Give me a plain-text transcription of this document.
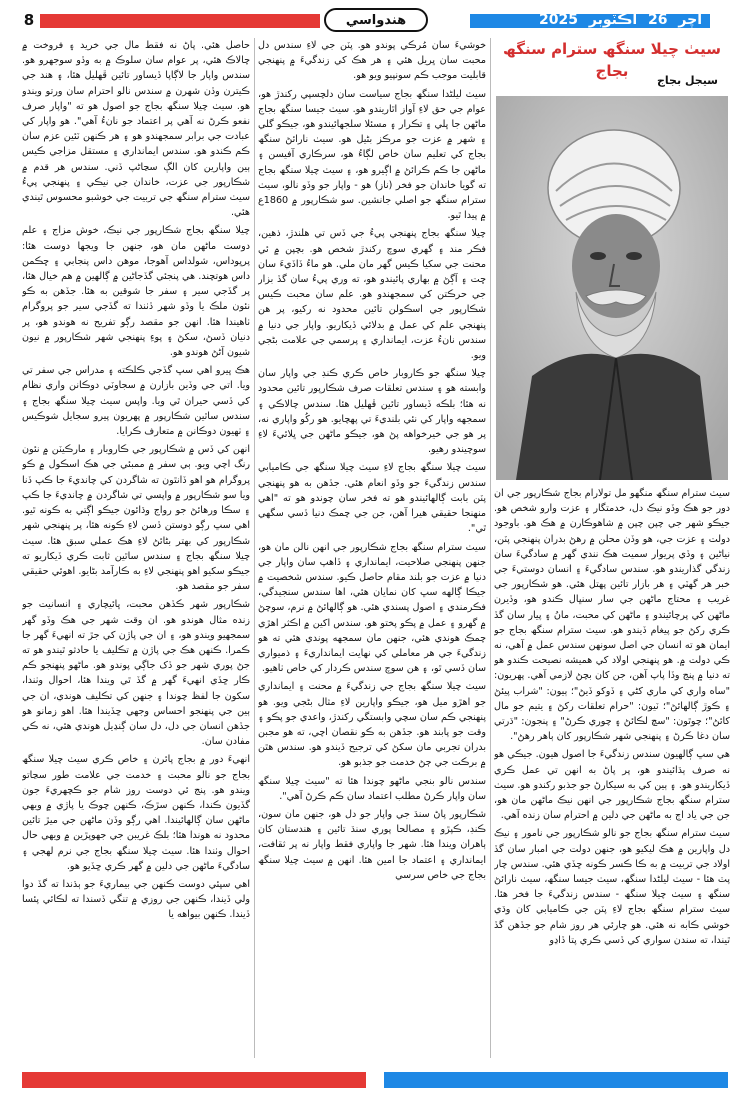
8	هندواسي	آچر 26 آڪٽوبر 2025
سيٺ چيلا سنگھ سترام سنگھ بجاج
سيجل بجاج

سيٺ سترام سنگھ منگھو مل تولارام بجاج شڪارپور جي ان دور جو هڪ وڏو نيڪ دل، خدمتگار ۽ عزت وارو شخص هو. جيڪو شهر جي چپن چپن ۾ شاهوڪارن ۾ هڪ هو. باوجود دولت ۽ عزت جي، هو وڏن محلن ۾ رهڻ بدران پنهنجي پٽن، نياڻين ۽ وڏي پريوار سميت هڪ نندي گهر ۾ سادگيءَ سان زندگي گذاريندو هو. سندس سادگيءَ ۽ انسان دوستيءَ جي خبر هر گهٽي ۽ هر بازار تائين پهتل هئي. هو شڪارپور جي غريب ۽ محتاج ماڻهن جي سار سنڀال ڪندو هو، وڏيرن ماڻهن کي پرچائيندو ۽ ماڻهن کي محبت، مانُ ۽ پيار سان گڏ ڪري رکڻ جو پيغام ڏيندو هو. سيٺ سترام سنگھ بجاج جو ايمان هو ته انسان جي اصل سونهن سندس عمل ۾ آهي، نه ڪي دولت ۾. هو پنهنجي اولاد کي هميشه نصيحت ڪندو هو ته دنيا ۾ پنج وڏا پاپ آهن، جن کان بچڻ لازمي آهي. پهريون: "ساه واري کي ماري کڻي ۽ ڏوکو ڏيڻ"؛ ٻيون: "شراب پيئڻ ۽ ڪوڙ ڳالهائڻ"؛ ٽيون: "حرام تعلقات رکڻ ۽ يتيم جو مال کائڻ"؛ چوٿون: "سچ لڪائڻ ۽ چوري ڪرڻ" ۽ پنجون: "ڌرتي سان دغا ڪرڻ ۽ پنهنجي شهر شڪارپور کان ٻاهر رهڻ".

هي سڀ ڳالهيون سندس زندگيءَ جا اصول هيون. جيڪي هو نه صرف ٻڌائيندو هو، پر پاڻ به انهن تي عمل ڪري ڏيکاريندو هو. ۽ ٻين کي به سيکارڻ جو جذبو رکندو هو. سيٺ سترام سنگھ بجاج شڪارپور جي انهن نيڪ ماڻهن مان هو، جن جي ياد اڄ به ماڻهن جي دلين ۾ احترام سان زنده آهي.

سيٺ سترام سنگھ بجاج جو نالو شڪارپور جي نامور ۽ نيڪ دل واپارين ۾ هڪ ليکيو هو، جنهن دولت جي امبار سان گڏ اولاد جي تربيت ۾ به ڪا ڪسر ڪونه ڇڏي هئي. سندس چار پٽ هئا - سيٺ ليلڻدا سنگھ، سيٺ جيسا سنگھ، سيٺ نارائڻ سنگھ ۽ سيٺ چيلا سنگھ - سندس زندگيءَ جا فخر هئا. سيٺ سترام سنگھ بجاج لاءِ پٽن جي ڪاميابي کان وڌي خوشي ڪابه نه هئي. هو چارئي هر روز شام جو جڏهن گڏ ٿيندا، ته سندن سواري کي ڏسي ڪري پتا ڏاڍو

خوشيءَ سان مُرڪي پوندو هو. پٽن جي لاءِ سندس دل محبت سان ڀريل هئي ۽ هر هڪ کي زندگيءَ ۾ پنهنجي قابليت موجب ڪم سونپيو ويو هو.

سيٺ ليلڻدا سنگھ بجاج سياست سان دلچسپي رکندڙ هو، عوام جي حق لاءِ آواز اٿاريندو هو. سيٺ جيسا سنگھ بجاج ماڻهن جا ڀلي ۽ تڪرار ۽ مسئلا سلجهائيندو هو، جيڪو گلي ۽ شهر ۾ عزت جو مرڪز بڻيل هو. سيٺ نارائڻ سنگھ بجاج کي تعليم سان خاص لڳاءُ هو، سرڪاري آفيسن ۽ ماڻهن جا ڪم ڪرائڻ ۾ اڳيرو هو، ۽ سيٺ چيلا سنگھ بجاج ته گويا خاندان جو فخر (ناز) هو - واپار جو وڏو نالو، سيٺ سترام سنگھ جو اصلي جانشين. سو شڪارپور ۾ 1860ع ۾ پيدا ٿيو.

چيلا سنگھ بجاج پنهنجي پيءُ جي ڏس تي هلندڙ، ذهين، فڪر مند ۽ گهري سوچ رکندڙ شخص هو. بچپن ۾ ئي محنت جي سکيا ڪيس گهر مان ملي. هو ماءُ ڏاڏيءَ سان ڇت ۽ آڳڻ ۾ بهاري پائيندو هو، ته وري پيءُ سان گڏ بزار جي حرڪتن کي سمجهندو هو. علم سان محبت ڪيس شڪارپور جي اسڪولن تائين محدود نه رکيو، پر هن پنهنجي علم کي عمل ۾ بدلائي ڏيکاريو. واپار جي دنيا ۾ سندس نانءُ عزت، ايمانداري ۽ پرسمي جي علامت بڻجي ويو.

چيلا سنگھ جو ڪاروبار خاص ڪري ڪنڊ جي واپار سان وابسته هو ۽ سندس تعلقات صرف شڪارپور تائين محدود نه هئا؛ بلڪه ڏيساور تائين ڦهليل هئا. سندس چالاڪي ۽ سمجهه واپار کي نئي بلنديءَ تي پهچايو. هو رکُو واپاري نه، پر هو جي خيرخواهه پڻ هو، جيڪو ماڻهن جي ڀلائيءَ لاءِ سوچيندو رهيو.

سيٺ چيلا سنگھ بجاج لاءِ سيٺ چيلا سنگھ جي ڪاميابي سندس زندگيءَ جو وڏو انعام هئي. جڏهن به هو پنهنجي پٽن بابت ڳالهائيندو هو ته فخر سان چوندو هو ته "اهي منهنجا حقيقي هيرا آهن، جن جي چمڪ دنيا ڏسي سگهي ٿي".

سيٺ سترام سنگھ بجاج شڪارپور جي انهن نالن مان هو، جنهن پنهنجي صلاحيت، ايمانداري ۽ ڏاهپ سان واپار جي دنيا ۾ عزت جو بلند مقام حاصل ڪيو. سندس شخصيت ۾ جيڪا ڳالهه سڀ کان نمايان هئي، اها سندس سنجيدگي، فڪرمندي ۽ اصول پسندي هئي. هو ڳالهائڻ ۾ نرم، سوچڻ ۾ گهرو ۽ عمل ۾ پڪو پختو هو. سندس اکين ۾ اڪثر اهڙي چمڪ هوندي هئي، جنهن مان سمجهه پوندي هئي ته هو زندگيءَ جي هر معاملي کي نهايت ايمانداريءَ ۽ ذميواري سان ڏسي ٿو، ۽ هن سوچ سندس ڪردار کي خاص ٺاهيو.

سيٺ چيلا سنگھ بجاج جي زندگيءَ ۾ محنت ۽ ايمانداري جو اهڙو ميل هو، جيڪو واپارين لاءِ مثال بڻجي ويو. هو پنهنجي ڪم سان سچي وابستگي رکندڙ، واعدي جو پڪو ۽ وقت جو پابند هو. جڏهن به ڪو نقصان اچي، ته هو مجبن بدران تجربي مان سکڻ کي ترجيح ڏيندو هو. سندس هٿن ۾ برڪت جي ڄڻ خدمت جو جذبو هو.

سندس نالو بنجي ماڻهو چوندا هئا ته "سيٺ چيلا سنگھ سان واپار ڪرڻ مطلب اعتماد سان ڪم ڪرڻ آهي".

شڪارپور پاڻ سنڌ جي واپار جو دل هو، جنهن مان سون، ڪنڊ، ڪپڙو ۽ مصالحا پوري سنڌ تائين ۽ هندستان کان ٻاهران ويندا هئا. شهر جا واپاري فقط واپار نه پر ثقافت، ايمانداري ۽ اعتماد جا امين هئا. انهن ۾ سيٺ چيلا سنگھ بجاج جي خاص سرسي

حاصل هئي. پاڻ نه فقط مال جي خريد ۽ فروخت ۾ چالاڪ هئي، پر عوام سان سلوڪ ۾ به وڏو سوجهرو هو. سندس واپار جا لاڳاپا ڏيساور تائين ڦهليل هئا، ۽ هند جي ڪيترن وڏن شهرن ۾ سندس نالو احترام سان ورتو ويندو هو. سيٺ چيلا سنگھ بجاج جو اصول هو ته "واپار صرف نفعو ڪرڻ نه آهي پر اعتماد جو نانءُ آهي". هو واپار کي عبادت جي برابر سمجهندو هو ۽ هر ڪنهن ٽئين عزم سان ڪم ڪندو هو. سندس ايمانداري ۽ مستقل مزاجي ڪيس ٻين واپارين کان الڳ سڃاڻپ ڏني. سندس هر قدم ۾ شڪارپور جي عزت، خاندان جي نيڪي ۽ پنهنجي پيءُ سيٺ سترام سنگھ جي تربيت جي خوشبو محسوس ٿيندي هئي.

چيلا سنگھ بجاج شڪارپور جي نيڪ، خوش مزاج ۽ علم دوست ماڻهن مان هو، جنهن جا ويجها دوست هئا: پرڀوداس، شولداس آهوجا، موهن داس پنجابي ۽ ڇڪمن داس هوتچند. هي پنجئي گڏجاڻين ۾ ڳالهين ۾ هم خيال هئا، پر گڏجي سير ۽ سفر جا شوقين به هئا. جڏهن به ڪو نئون ملڪ يا وڏو شهر ڏٺندا ته گڏجي سير جو پروگرام ٺاهيندا هئا. انهن جو مقصد رڳو تفريح نه هوندو هو، پر دنيان ڏسڻ، سکڻ ۽ پوءِ پنهنجي شهر شڪارپور ۾ نيون شيون آڻڻ هوندو هو.

هڪ ڀيرو اهي سڀ گڏجي ڪلڪته ۽ مدراس جي سفر تي ويا. اتي جي وڏين بازارن ۾ سجاوٽي دوڪانن واري نظام کي ڏسي حيران ٿي ويا. واپس سيٺ چيلا سنگھ بجاج ۽ سندس ساٿين شڪارپور ۾ پهريون پيرو سجايل شوڪيس ۽ ٺهيون دوڪانن ۾ متعارف ڪرايا.

انهن کي ڏس ۾ شڪارپور جي ڪاروبار ۽ مارڪيٽن ۾ نئون رنگ اچي ويو. ٻي سفر ۾ ممبئي جي هڪ اسڪول ۾ ڪو پروگرام هو اهو ڏانٿون ته شاگردن کي چانديءَ جا ڪپ ڏنا ويا سو شڪارپور ۾ واپسي تي شاگردن ۾ چانديءَ جا ڪپ ۽ سڪا ورهائڻ جو رواج وڌائون جيڪو اڳتي به ڪونه ٿيو. اهي سڀ رڳو دوستن ڏسن لاءِ ڪونه هئا، پر پنهنجي شهر شڪارپور کي بهتر بڻائڻ لاءِ هڪ عملي سبق هئا. سيٺ چيلا سنگھ بجاج ۽ سندس ساٿين ثابت ڪري ڏيکاريو ته جيڪو سکيو اهو پنهنجي لاءِ به ڪارآمد بڻايو. اهوئي حقيقي سفر جو مقصد هو.

شڪارپور شهر ڪڏهن محبت، ڀائيچاري ۽ انسانيت جو زنده مثال هوندو هو. ان وقت شهر جي هڪ وڏو گهر سمجهيو ويندو هو، ۽ ان جي پاڙن کي جڙ ته انهيءَ گهر جا ڪمرا. ڪنهن هڪ جي پاڙن ۾ تڪليف يا حادثو ٿيندو هو ته جڻ پوري شهر جو ڏک جاڳي پوندو هو. ماڻهو پنهنجو ڪم ڪار ڇڏي انهيءَ گهر ۾ گڏ ٿي ويندا هئا، احوال وٺندا، سکون جا لفظ چوندا ۽ جنهن کي تڪليف هوندي، ان جي ٻين جي پنهنجو احساس وجهي ڇڏيندا هئا. اهو زمانو هو جڏهن انسان جي دل، دل سان ڳنڍيل هوندي هئي، نه ڪي مفادن سان.

انهيءَ دور ۾ بجاج پائرن ۽ خاص ڪري سيٺ چيلا سنگھ بجاج جو نالو محبت ۽ خدمت جي علامت طور سڃاتو ويندو هو. پنج ئي دوست روز شام جو ڪچهريءَ جون گڏيون ڪندا، ڪنهن سڙڪ، ڪنهن چوڪ يا پاڙي ۾ ويهي ماڻهن سان ڳالهائيندا. اهي رڳو وڏن ماڻهن جي ميڙ تائين محدود نه هوندا هئا؛ بلڪ غريبن جي جهوپڙين ۾ ويهي حال احوال وٺندا هئا. سيٺ چيلا سنگھ بجاج جي نرم لهجي ۽ سادگيءَ ماڻهن جي دلين ۾ گهر ڪري ڇڏيو هو.

اهي سڀئي دوست ڪنهن جي بيماريءَ جو ٻڌندا ته گڏ دوا ولي ڏيندا، ڪنهن جي روزي ۾ تنگي ڏسندا ته لڪائي پئسا ڏيندا. ڪنهن بيواهه يا
